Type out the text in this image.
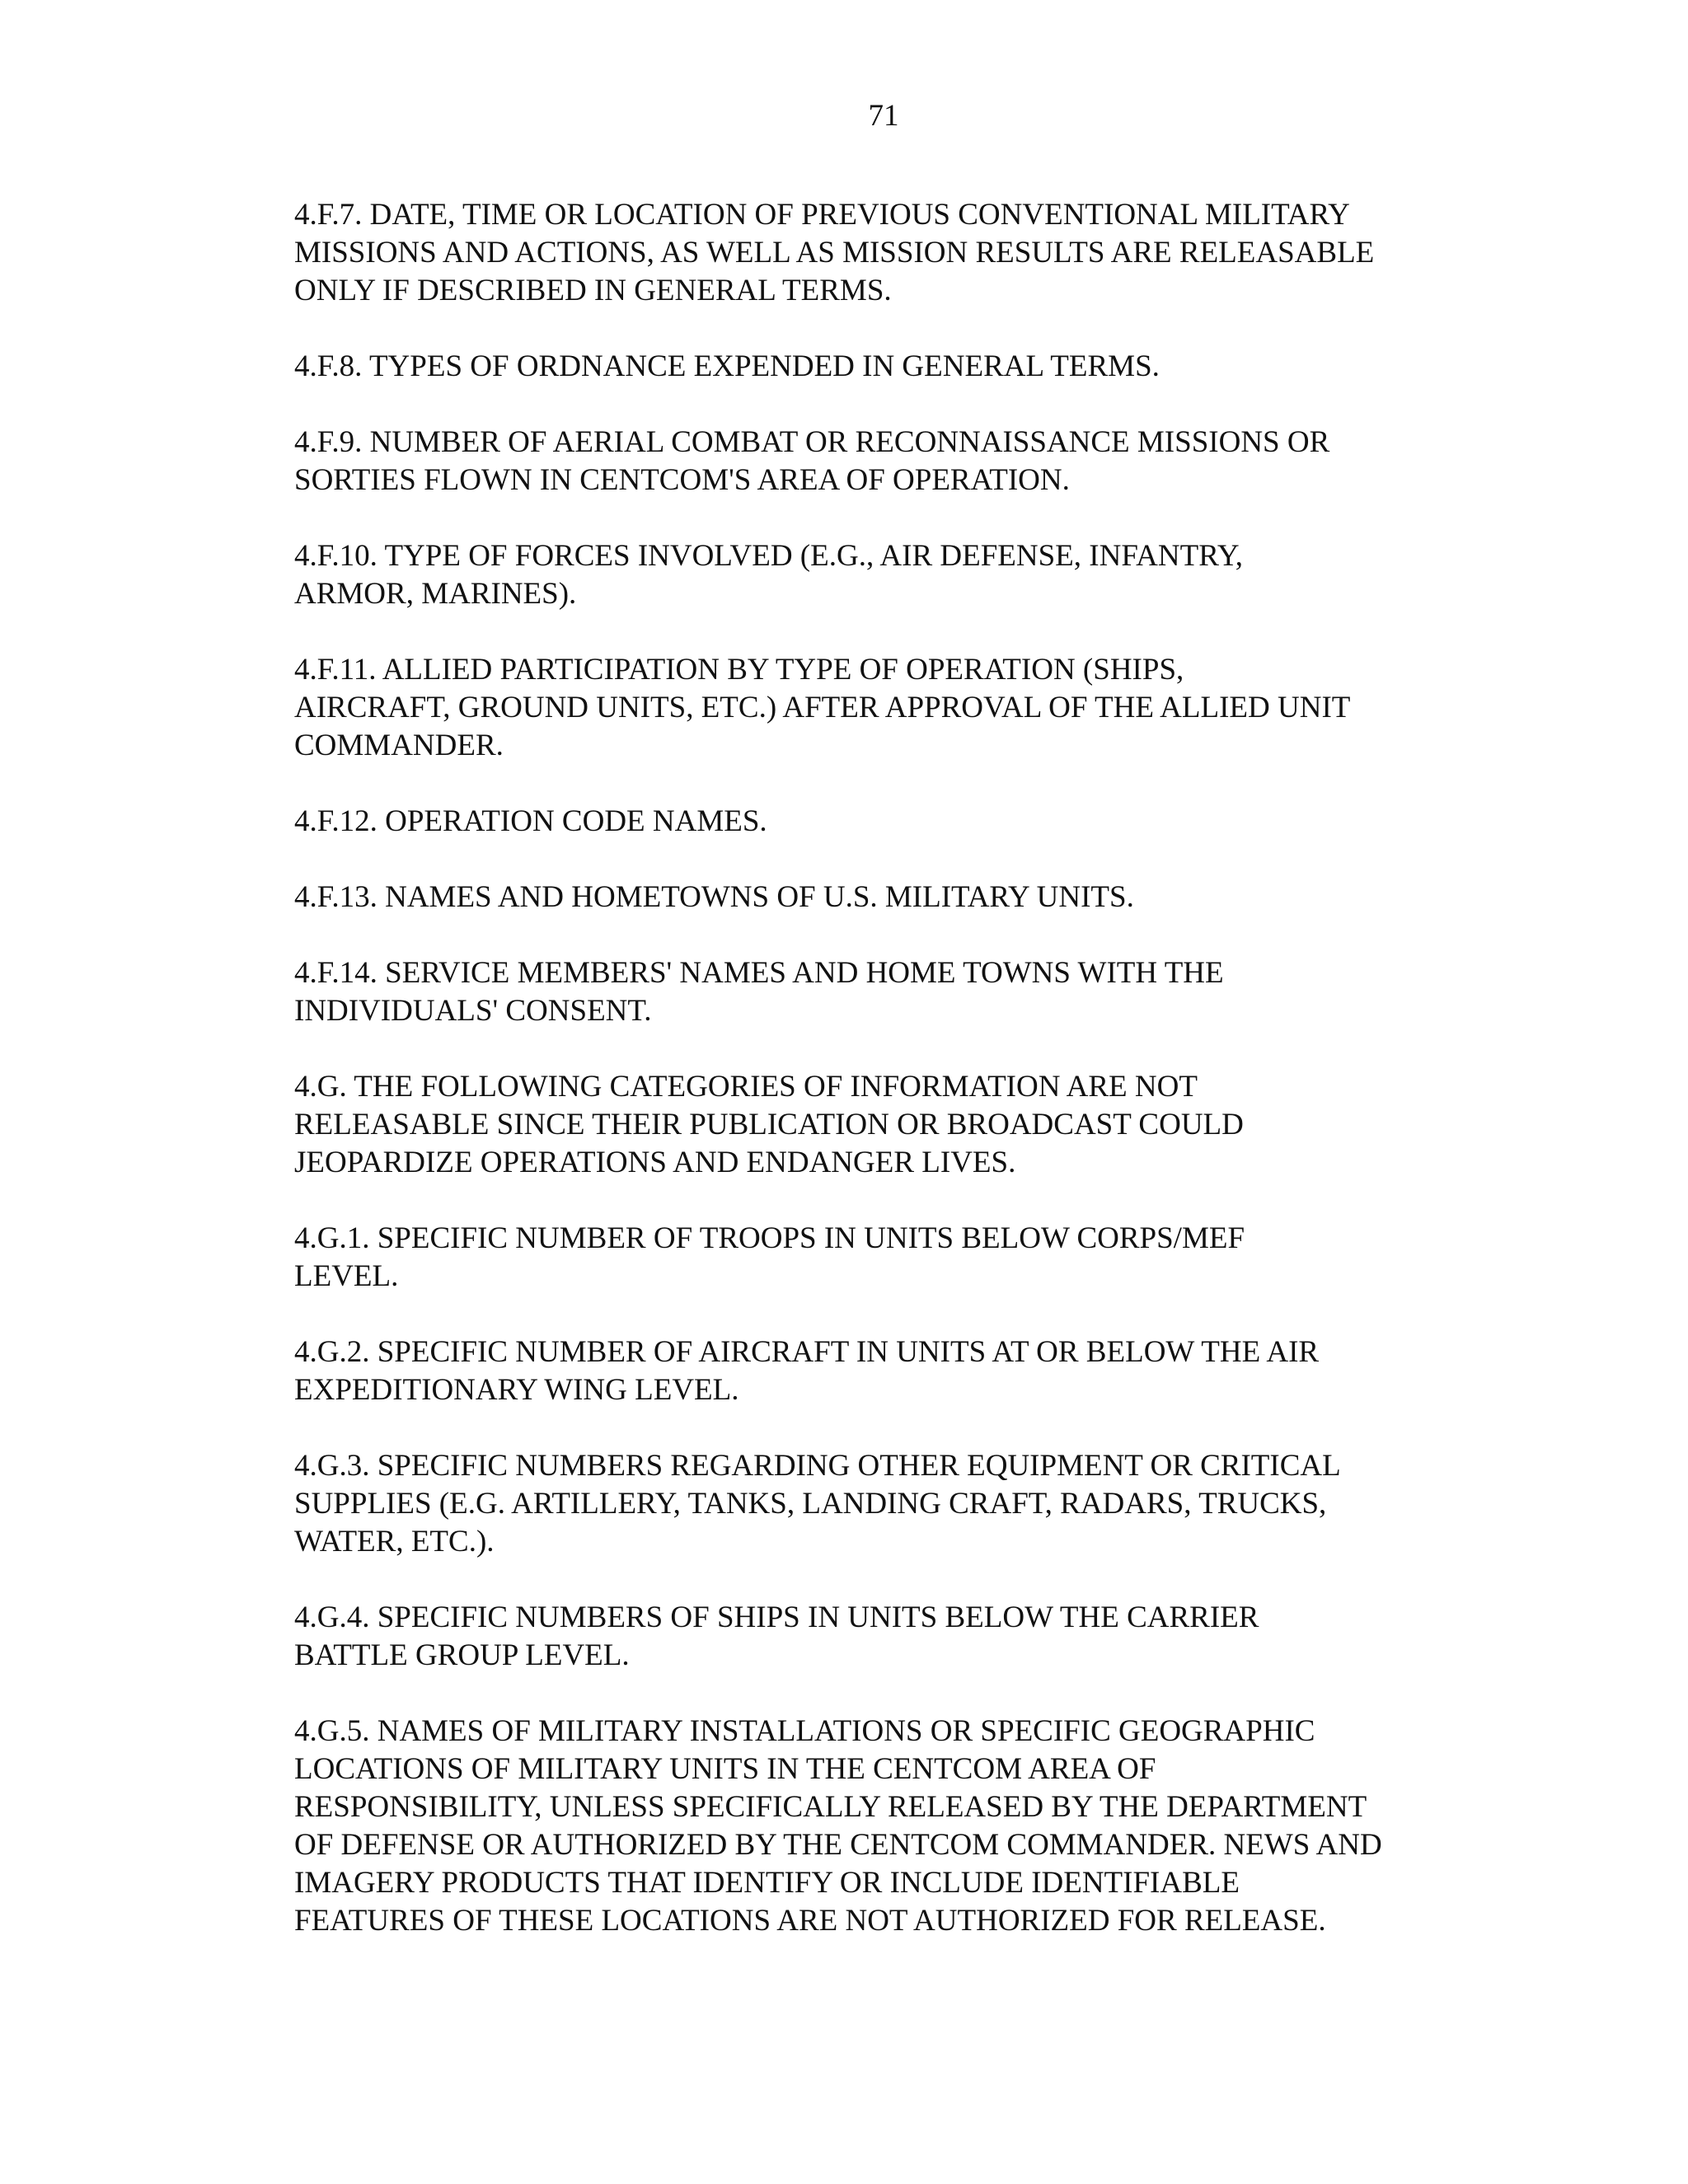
71
4.F.7. DATE, TIME OR LOCATION OF PREVIOUS CONVENTIONAL MILITARY
MISSIONS AND ACTIONS, AS WELL AS MISSION RESULTS ARE RELEASABLE
ONLY IF DESCRIBED IN GENERAL TERMS.
4.F.8. TYPES OF ORDNANCE EXPENDED IN GENERAL TERMS.
4.F.9. NUMBER OF AERIAL COMBAT OR RECONNAISSANCE MISSIONS OR
SORTIES FLOWN IN CENTCOM'S AREA OF OPERATION.
4.F.10. TYPE OF FORCES INVOLVED (E.G., AIR DEFENSE, INFANTRY,
ARMOR, MARINES).
4.F.11. ALLIED PARTICIPATION BY TYPE OF OPERATION (SHIPS,
AIRCRAFT, GROUND UNITS, ETC.) AFTER APPROVAL OF THE ALLIED UNIT
COMMANDER.
4.F.12. OPERATION CODE NAMES.
4.F.13. NAMES AND HOMETOWNS OF U.S. MILITARY UNITS.
4.F.14. SERVICE MEMBERS' NAMES AND HOME TOWNS WITH THE
INDIVIDUALS' CONSENT.
4.G. THE FOLLOWING CATEGORIES OF INFORMATION ARE NOT
RELEASABLE SINCE THEIR PUBLICATION OR BROADCAST COULD
JEOPARDIZE OPERATIONS AND ENDANGER LIVES.
4.G.1. SPECIFIC NUMBER OF TROOPS IN UNITS BELOW CORPS/MEF
LEVEL.
4.G.2. SPECIFIC NUMBER OF AIRCRAFT IN UNITS AT OR BELOW THE AIR
EXPEDITIONARY WING LEVEL.
4.G.3. SPECIFIC NUMBERS REGARDING OTHER EQUIPMENT OR CRITICAL
SUPPLIES (E.G. ARTILLERY, TANKS, LANDING CRAFT, RADARS, TRUCKS,
WATER, ETC.).
4.G.4. SPECIFIC NUMBERS OF SHIPS IN UNITS BELOW THE CARRIER
BATTLE GROUP LEVEL.
4.G.5. NAMES OF MILITARY INSTALLATIONS OR SPECIFIC GEOGRAPHIC
LOCATIONS OF MILITARY UNITS IN THE CENTCOM AREA OF
RESPONSIBILITY, UNLESS SPECIFICALLY RELEASED BY THE DEPARTMENT
OF DEFENSE OR AUTHORIZED BY THE CENTCOM COMMANDER. NEWS AND
IMAGERY PRODUCTS THAT IDENTIFY OR INCLUDE IDENTIFIABLE
FEATURES OF THESE LOCATIONS ARE NOT AUTHORIZED FOR RELEASE.
